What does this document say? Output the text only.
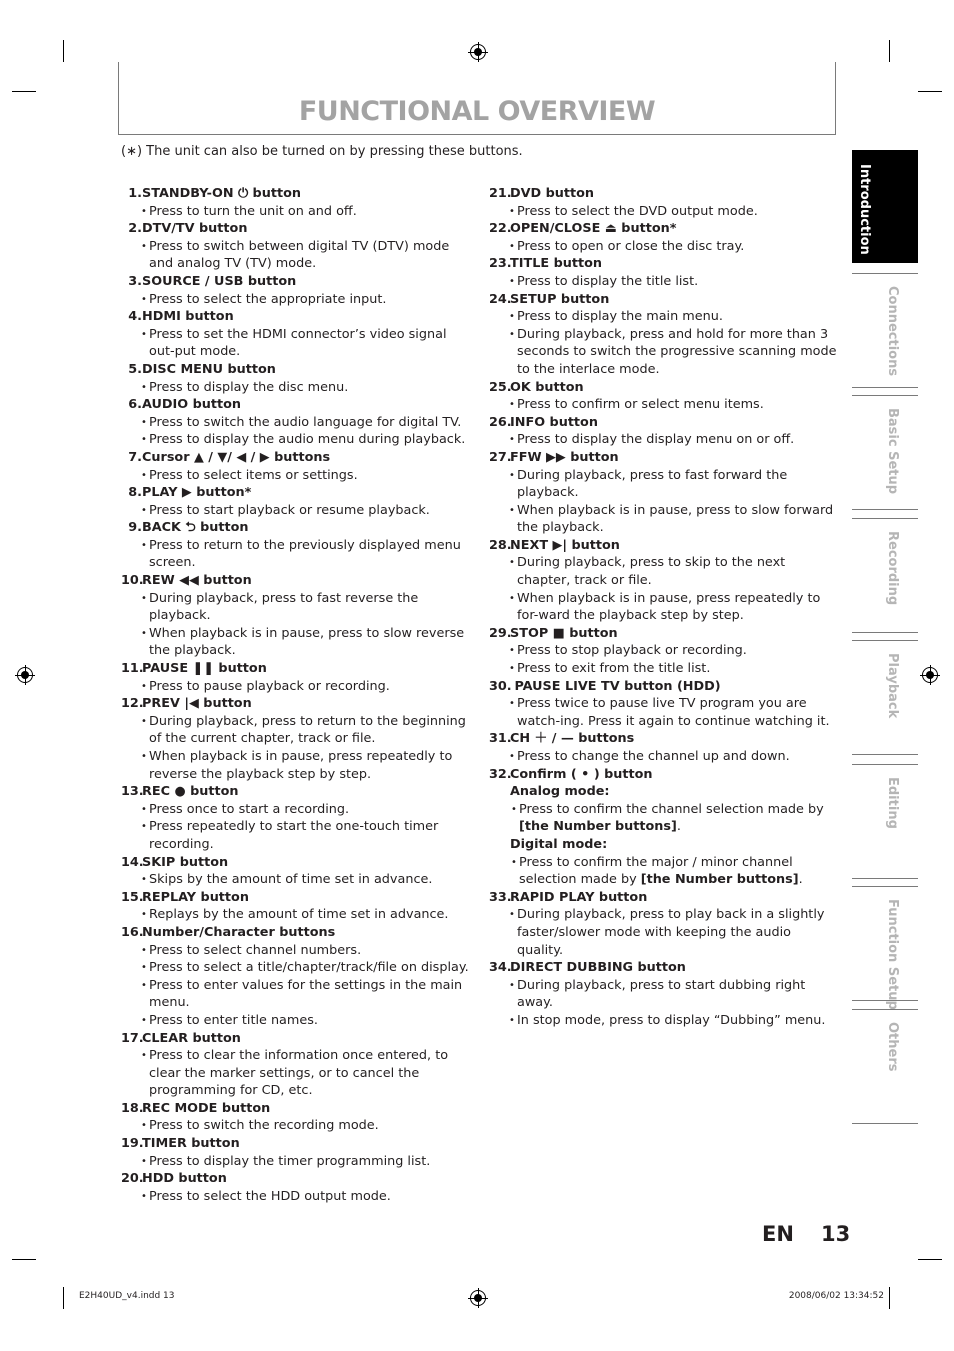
FUNCTIONAL OVERVIEW
(∗) The unit can also be turned on by pressing these buttons.
1. STANDBY-ON ⏻ button
• Press to turn the unit on and off.
2. DTV/TV button
• Press to switch between digital TV (DTV) mode and analog TV (TV) mode.
3. SOURCE / USB button
• Press to select the appropriate input.
4. HDMI button
• Press to set the HDMI connector’s video signal out-put mode.
5. DISC MENU button
• Press to display the disc menu.
6. AUDIO button
• Press to switch the audio language for digital TV.
• Press to display the audio menu during playback.
7. Cursor ▲ / ▼/ ◀ / ▶ buttons
• Press to select items or settings.
8. PLAY ▶ button*
• Press to start playback or resume playback.
9. BACK ⮌ button
• Press to return to the previously displayed menu screen.
10.
REW ◀◀ button
• During playback, press to fast reverse the playback.
• When playback is in pause, press to slow reverse the playback.
11.
PAUSE ❚❚ button
• Press to pause playback or recording.
12.
PREV |◀ button
• During playback, press to return to the beginning of the current chapter, track or file.
• When playback is in pause, press repeatedly to reverse the playback step by step.
13.
REC ● button
• Press once to start a recording.
• Press repeatedly to start the one-touch timer recording.
14.
SKIP button
• Skips by the amount of time set in advance.
15.
REPLAY button
• Replays by the amount of time set in advance.
16.
Number/Character buttons
• Press to select channel numbers.
• Press to select a title/chapter/track/file on display.
• Press to enter values for the settings in the main menu.
• Press to enter title names.
17.
CLEAR button
• Press to clear the information once entered, to clear the marker settings, or to cancel the programming for CD, etc.
18.
REC MODE button
• Press to switch the recording mode.
19.
TIMER button
• Press to display the timer programming list.
20.
HDD button
• Press to select the HDD output mode.
21.
DVD button
• Press to select the DVD output mode.
22.
OPEN/CLOSE ⏏ button*
• Press to open or close the disc tray.
23.
TITLE button
• Press to display the title list.
24.
SETUP button
• Press to display the main menu.
• During playback, press and hold for more than 3 seconds to switch the progressive scanning mode to the interlace mode.
25.
OK button
• Press to confirm or select menu items.
26.
INFO button
• Press to display the display menu on or off.
27.
FFW ▶▶ button
• During playback, press to fast forward the playback.
• When playback is in pause, press to slow forward the playback.
28.
NEXT ▶| button
• During playback, press to skip to the next chapter, track or file.
• When playback is in pause, press repeatedly to for-ward the playback step by step.
29.
STOP ■ button
• Press to stop playback or recording.
• Press to exit from the title list.
30.
PAUSE LIVE TV button (HDD)
• Press twice to pause live TV program you are watch-ing. Press it again to continue watching it.
31.
CH ＋ / — buttons
• Press to change the channel up and down.
32.
Confirm ( • ) button
Analog mode:
• Press to confirm the channel selection made by
[the Number buttons].
Digital mode:
• Press to confirm the major / minor channel selection made by [the Number buttons].
33.
RAPID PLAY button
• During playback, press to play back in a slightly faster/slower mode with keeping the audio quality.
34.
DIRECT DUBBING button
• During playback, press to start dubbing right away.
• In stop mode, press to display “Dubbing” menu.
Introduction
Connections
Basic Setup
Recording
Playback
Editing
Function Setup
Others
EN 13
E2H40UD_v4.indd 13	2008/06/02 13:34:52
